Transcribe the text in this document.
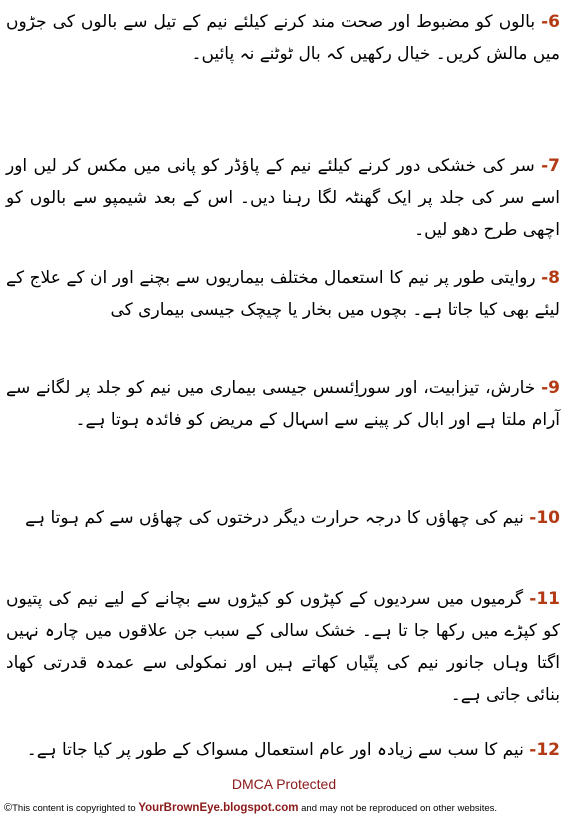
6- بالوں کو مضبوط اور صحت مند کرنے کیلئے نیم کے تیل سے بالوں کی جڑوں میں مالش کریں۔ خیال رکھیں کہ بال ٹوٹنے نہ پائیں۔
7- سر کی خشکی دور کرنے کیلئے نیم کے پاؤڈر کو پانی میں مکس کر لیں اور اسے سر کی جلد پر ایک گھنٹہ لگا رہنا دیں۔ اس کے بعد شیمپو سے بالوں کو اچھی طرح دھو لیں۔
8- روایتی طور پر نیم کا استعمال مختلف بیماریوں سے بچنے اور ان کے علاج کے لیئے بھی کیا جاتا ہے۔ بچوں میں بخار یا چیچک جیسی بیماری کی
9- خارش، تیزابیت، اور سوراِئسس جیسی بیماری میں نیم کو جلد پر لگانے سے آرام ملتا ہے اور ابال کر پینے سے اسہال کے مریض کو فائدہ ہوتا ہے۔
10- نیم کی چھاؤں کا درجہ حرارت دیگر درختوں کی چھاؤں سے کم ہوتا ہے
11- گرمیوں میں سردیوں کے کپڑوں کو کیڑوں سے بچانے کے لیے نیم کی پتیوں کو کپڑے میں رکھا جا تا ہے۔ خشک سالی کے سبب جن علاقوں میں چارہ نہیں اگتا وہاں جانور نیم کی پتّیاں کھاتے ہیں اور نمکولی سے عمدہ قدرتی کھاد بنائی جاتی ہے۔
12- نیم کا سب سے زیادہ اور عام استعمال مسواک کے طور پر کیا جاتا ہے۔
DMCA Protected
©This content is copyrighted to YourBrownEye.blogspot.com and may not be reproduced on other websites.
